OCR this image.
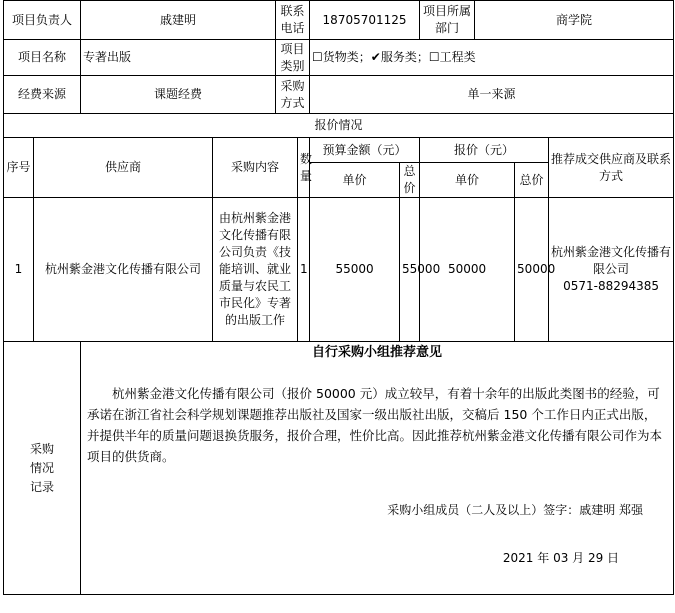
项目负责人		戚建明		联系电话		18705701125		项目所属部门	商学院		
项目名称		专著出版		项目类别		☐货物类；✔服务类；☐工程类					
经费来源		课题经费		采购方式		单一来源					
报价情况											
序号	供应商		采购内容		数量	预算金额（元）		报价（元）			推荐成交供应商及联系方式
						单价	总价	单价		总价	
1	杭州紫金港文化传播有限公司		由杭州紫金港文化传播有限公司负责《技能培训、就业质量与农民工市民化》专著的出版工作		1	55000	55000	50000		50000	杭州紫金港文化传播有限公司
0571-88294385

采购情况记录		自行采购小组推荐意见
杭州紫金港文化传播有限公司（报价 50000 元）成立较早，有着十余年的出版此类图书的经验，可承诺在浙江省社会科学规划课题推荐出版社及国家一级出版社出版，交稿后 150 个工作日内正式出版，并提供半年的质量问题退换货服务，报价合理，性价比高。因此推荐杭州紫金港文化传播有限公司作为本项目的供货商。
采购小组成员（二人及以上）签字：戚建明 郑强
2021 年 03 月 29 日									
